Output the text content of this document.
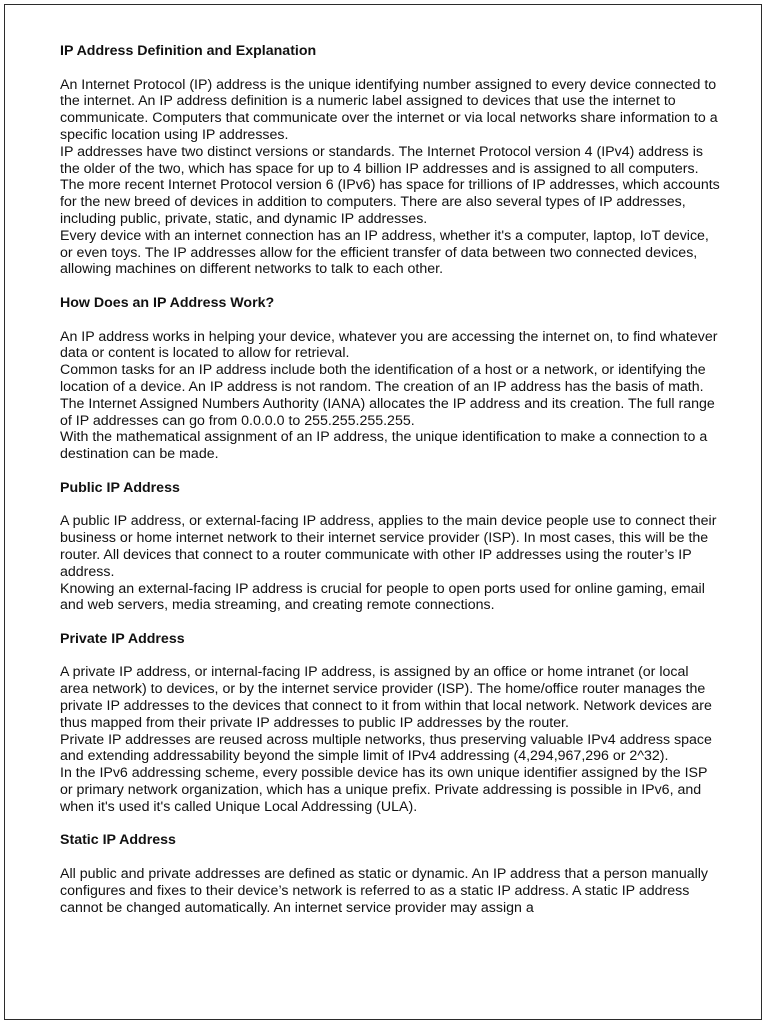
IP Address Definition and Explanation

An Internet Protocol (IP) address is the unique identifying number assigned to every device connected to the internet. An IP address definition is a numeric label assigned to devices that use the internet to communicate. Computers that communicate over the internet or via local networks share information to a specific location using IP addresses.

IP addresses have two distinct versions or standards. The Internet Protocol version 4 (IPv4) address is the older of the two, which has space for up to 4 billion IP addresses and is assigned to all computers. The more recent Internet Protocol version 6 (IPv6) has space for trillions of IP addresses, which accounts for the new breed of devices in addition to computers. There are also several types of IP addresses, including public, private, static, and dynamic IP addresses.

Every device with an internet connection has an IP address, whether it's a computer, laptop, IoT device, or even toys. The IP addresses allow for the efficient transfer of data between two connected devices, allowing machines on different networks to talk to each other.

How Does an IP Address Work?

An IP address works in helping your device, whatever you are accessing the internet on, to find whatever data or content is located to allow for retrieval.

Common tasks for an IP address include both the identification of a host or a network, or identifying the location of a device. An IP address is not random. The creation of an IP address has the basis of math. The Internet Assigned Numbers Authority (IANA) allocates the IP address and its creation. The full range of IP addresses can go from 0.0.0.0 to 255.255.255.255.

With the mathematical assignment of an IP address, the unique identification to make a connection to a destination can be made.

Public IP Address

A public IP address, or external-facing IP address, applies to the main device people use to connect their business or home internet network to their internet service provider (ISP). In most cases, this will be the router. All devices that connect to a router communicate with other IP addresses using the router’s IP address.

Knowing an external-facing IP address is crucial for people to open ports used for online gaming, email and web servers, media streaming, and creating remote connections.

Private IP Address

A private IP address, or internal-facing IP address, is assigned by an office or home intranet (or local area network) to devices, or by the internet service provider (ISP). The home/office router manages the private IP addresses to the devices that connect to it from within that local network. Network devices are thus mapped from their private IP addresses to public IP addresses by the router.

Private IP addresses are reused across multiple networks, thus preserving valuable IPv4 address space and extending addressability beyond the simple limit of IPv4 addressing (4,294,967,296 or 2^32).

In the IPv6 addressing scheme, every possible device has its own unique identifier assigned by the ISP or primary network organization, which has a unique prefix. Private addressing is possible in IPv6, and when it's used it's called Unique Local Addressing (ULA).

Static IP Address

All public and private addresses are defined as static or dynamic. An IP address that a person manually configures and fixes to their device’s network is referred to as a static IP address. A static IP address cannot be changed automatically. An internet service provider may assign a
